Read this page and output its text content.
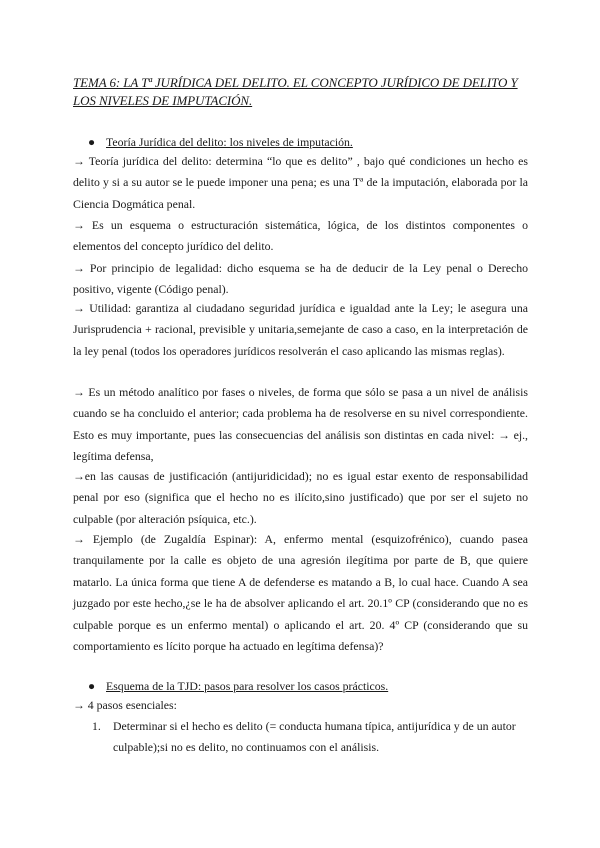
TEMA 6: LA Tª JURÍDICA DEL DELITO. EL CONCEPTO JURÍDICO DE DELITO Y LOS NIVELES DE IMPUTACIÓN.
● Teoría Jurídica del delito: los niveles de imputación.
→ Teoría jurídica del delito: determina “lo que es delito” , bajo qué condiciones un hecho es delito y si a su autor se le puede imponer una pena; es una Tª de la imputación, elaborada por la Ciencia Dogmática penal.
→ Es un esquema o estructuración sistemática, lógica, de los distintos componentes o elementos del concepto jurídico del delito.
→ Por principio de legalidad: dicho esquema se ha de deducir de la Ley penal o Derecho positivo, vigente (Código penal).
→ Utilidad: garantiza al ciudadano seguridad jurídica e igualdad ante la Ley; le asegura una Jurisprudencia + racional, previsible y unitaria,semejante de caso a caso, en la interpretación de la ley penal (todos los operadores jurídicos resolverán el caso aplicando las mismas reglas).
→ Es un método analítico por fases o niveles, de forma que sólo se pasa a un nivel de análisis cuando se ha concluido el anterior; cada problema ha de resolverse en su nivel correspondiente. Esto es muy importante, pues las consecuencias del análisis son distintas en cada nivel: → ej., legítima defensa,
→en las causas de justificación (antijuridicidad); no es igual estar exento de responsabilidad penal por eso (significa que el hecho no es ilícito,sino justificado) que por ser el sujeto no culpable (por alteración psíquica, etc.).
→ Ejemplo (de Zugaldía Espinar): A, enfermo mental (esquizofrénico), cuando pasea tranquilamente por la calle es objeto de una agresión ilegítima por parte de B, que quiere matarlo. La única forma que tiene A de defenderse es matando a B, lo cual hace. Cuando A sea juzgado por este hecho,¿se le ha de absolver aplicando el art. 20.1º CP (considerando que no es culpable porque es un enfermo mental) o aplicando el art. 20. 4º CP (considerando que su comportamiento es lícito porque ha actuado en legítima defensa)?
● Esquema de la TJD: pasos para resolver los casos prácticos.
→ 4 pasos esenciales:
1. Determinar si el hecho es delito (= conducta humana típica, antijurídica y de un autor culpable);si no es delito, no continuamos con el análisis.
